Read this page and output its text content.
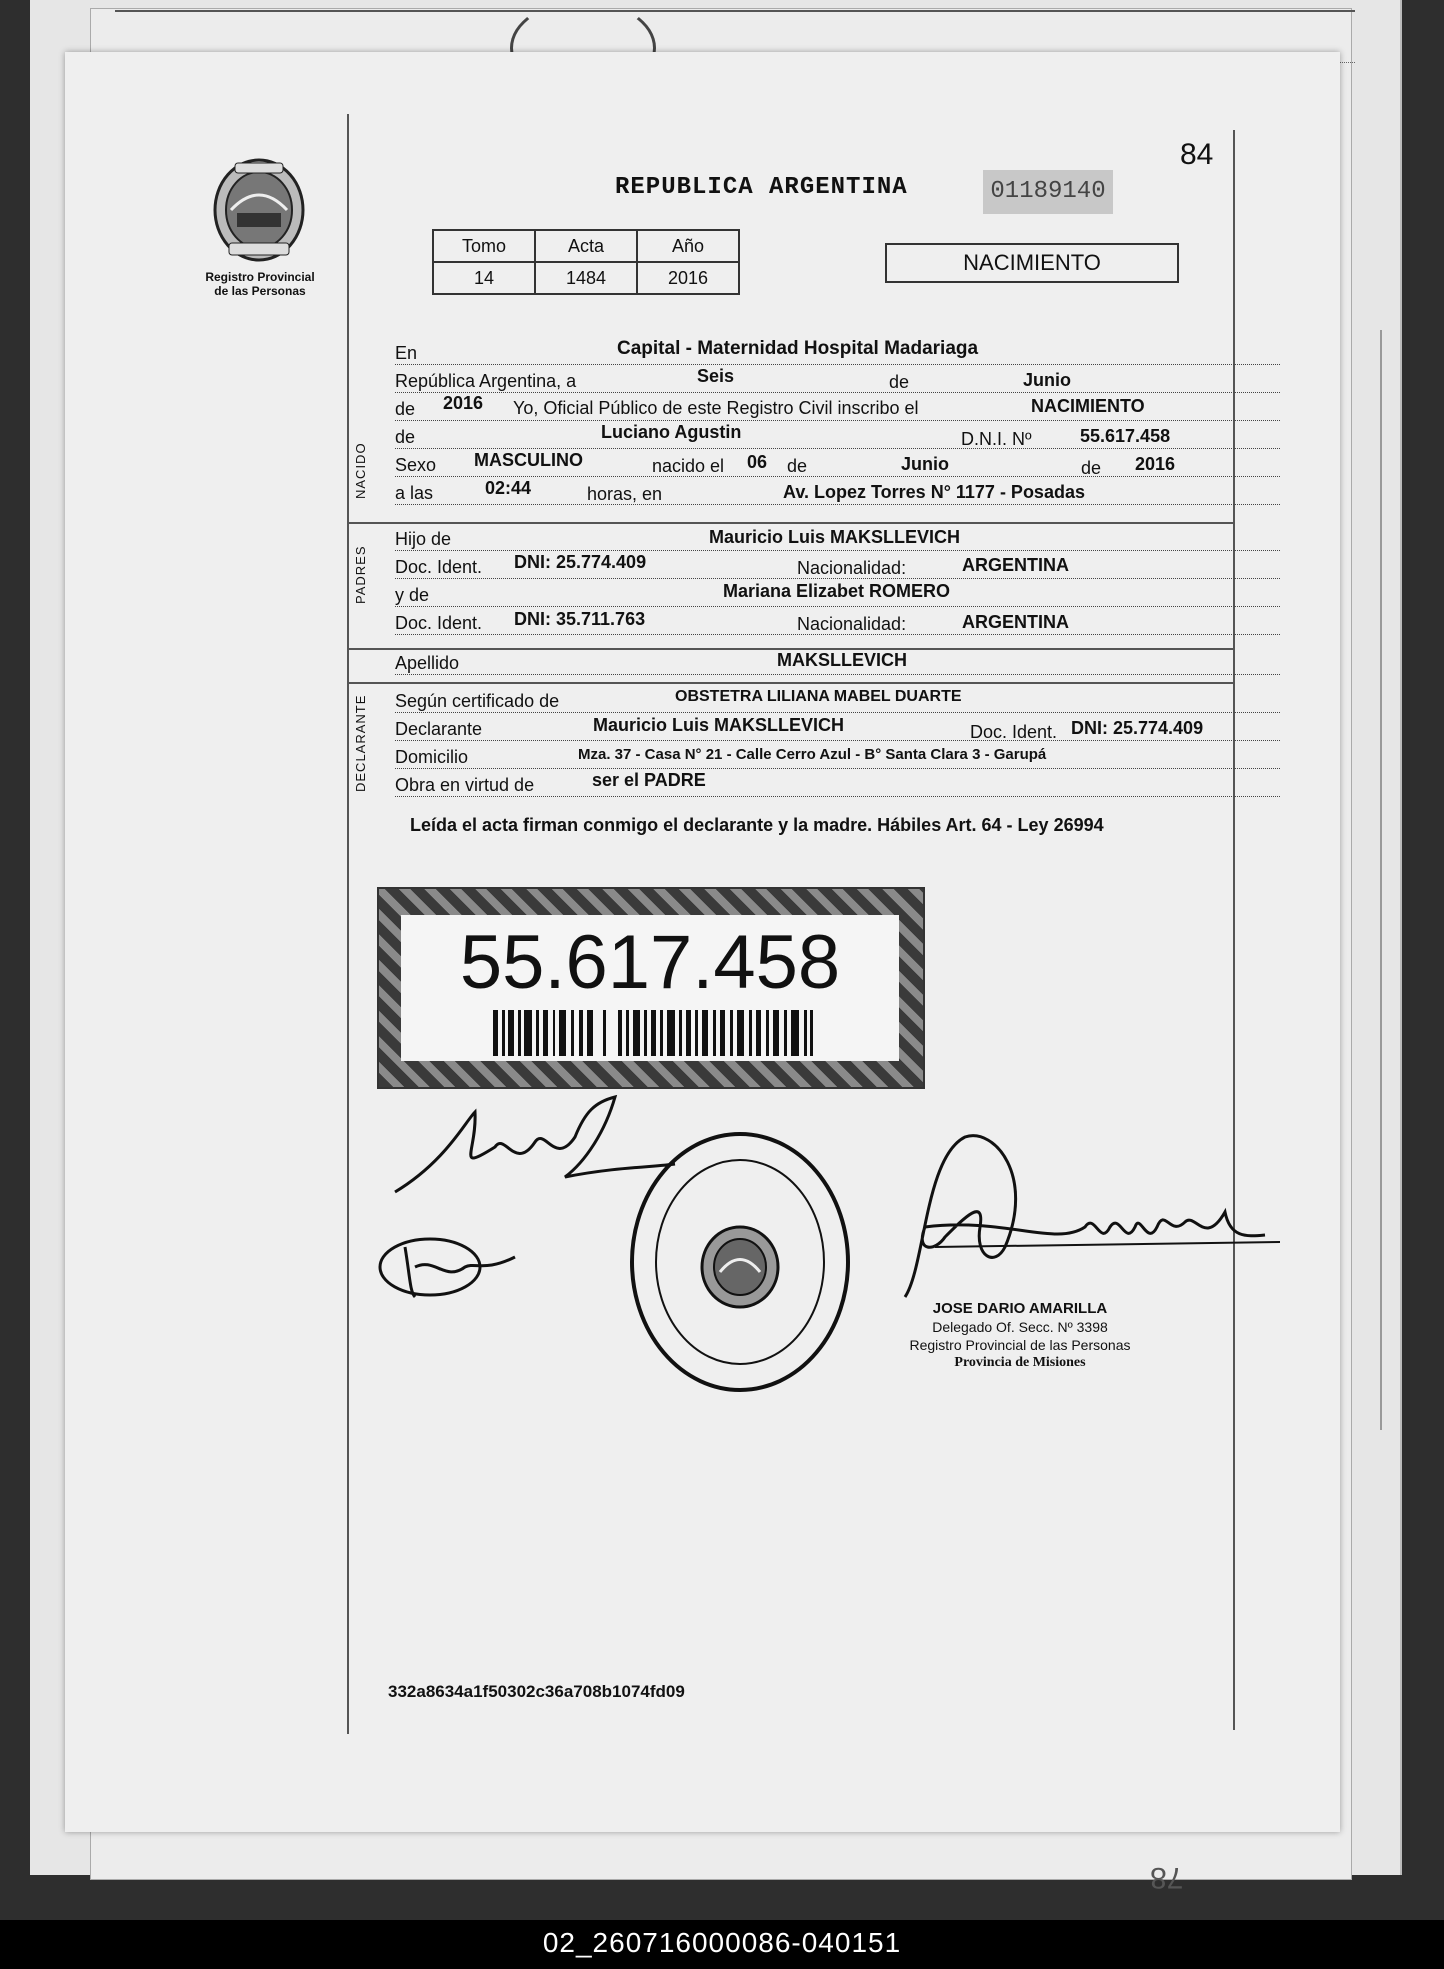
78
84
Registro Provincial
de las Personas
REPUBLICA ARGENTINA	01189140
Tomo	Acta	Año
14	1484	2016
NACIMIENTO
En	Capital - Maternidad Hospital Madariaga
República Argentina, a	Seis	de	Junio
de	2016 Yo, Oficial Público de este Registro Civil inscribo el	NACIMIENTO
NACIDO
de	Luciano Agustin	D.N.I. Nº	55.617.458
Sexo	MASCULINO	nacido el 06 de	Junio	de 2016
a las	02:44	horas, en	Av. Lopez Torres N° 1177 - Posadas
PADRES
Hijo de	Mauricio Luis MAKSLLEVICH
Doc. Ident.	DNI: 25.774.409	Nacionalidad:	ARGENTINA
y de	Mariana Elizabet ROMERO
Doc. Ident.	DNI: 35.711.763	Nacionalidad:	ARGENTINA
Apellido	MAKSLLEVICH
DECLARANTE Según certificado de	OBSTETRA LILIANA MABEL DUARTE
Declarante	Mauricio Luis MAKSLLEVICH	Doc. Ident. DNI: 25.774.409
Domicilio	Mza. 37 - Casa N° 21 - Calle Cerro Azul - B° Santa Clara 3 - Garupá
Obra en virtud de	ser el PADRE
Leída el acta firman conmigo el declarante y la madre. Hábiles Art. 64 - Ley 26994
55.617.458
JOSE DARIO AMARILLA
Delegado Of. Secc. Nº 3398
Registro Provincial de las Personas
Provincia de Misiones
332a8634a1f50302c36a708b1074fd09
02_260716000086-040151
